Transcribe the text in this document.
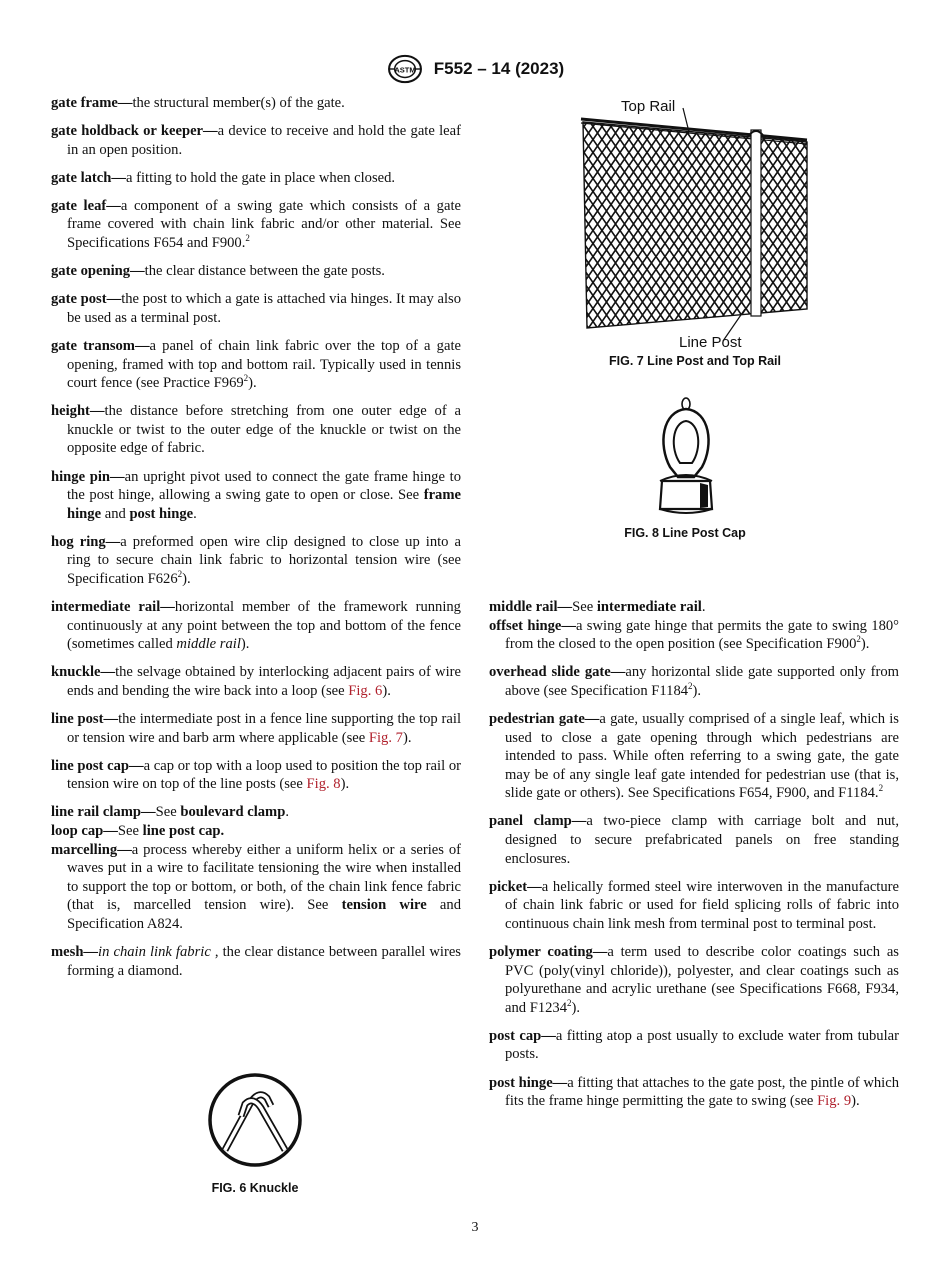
ASTM F552 – 14 (2023)

gate frame—the structural member(s) of the gate.

gate holdback or keeper—a device to receive and hold the gate leaf in an open position.

gate latch—a fitting to hold the gate in place when closed.

gate leaf—a component of a swing gate which consists of a gate frame covered with chain link fabric and/or other material. See Specifications F654 and F900.$^2$

gate opening—the clear distance between the gate posts.

gate post—the post to which a gate is attached via hinges. It may also be used as a terminal post.

gate transom—a panel of chain link fabric over the top of a gate opening, framed with top and bottom rail. Typically used in tennis court fence (see Practice $F969^2$).

height—the distance before stretching from one outer edge of a knuckle or twist to the outer edge of the knuckle or twist on the opposite edge of fabric.

hinge pin—an upright pivot used to connect the gate frame hinge to the post hinge, allowing a swing gate to open or close. See frame hinge and post hinge.

hog ring—a preformed open wire clip designed to close up into a ring to secure chain link fabric to horizontal tension wire (see Specification $F626^2$).

intermediate rail—horizontal member of the framework running continuously at any point between the top and bottom of the fence (sometimes called middle rail).

knuckle—the selvage obtained by interlocking adjacent pairs of wire ends and bending the wire back into a loop (see Fig. 6).

line post—the intermediate post in a fence line supporting the top rail or tension wire and barb arm where applicable (see Fig. 7).

line post cap—a cap or top with a loop used to position the top rail or tension wire on top of the line posts (see Fig. 8).

line rail clamp—See boulevard clamp.

loop cap—See line post cap.

marcelling—a process whereby either a uniform helix or a series of waves put in a wire to facilitate tensioning the wire when installed to support the top or bottom, or both, of the chain link fence fabric (that is, marcelled tension wire). See tension wire and Specification A824.

mesh—in chain link fabric , the clear distance between parallel wires forming a diamond.

Top Rail
Line Post
FIG. 7 Line Post and Top Rail
FIG. 8 Line Post Cap
FIG. 6 Knuckle

middle rail—See intermediate rail.

offset hinge—a swing gate hinge that permits the gate to swing 180° from the closed to the open position (see Specification $F900^2$).

overhead slide gate—any horizontal slide gate supported only from above (see Specification F1184$^2$).

pedestrian gate—a gate, usually comprised of a single leaf, which is used to close a gate opening through which pedestrians are intended to pass. While often referring to a swing gate, the gate may be of any single leaf gate intended for pedestrian use (that is, slide gate or others). See Specifications F654, F900, and F1184.$^2$

panel clamp—a two-piece clamp with carriage bolt and nut, designed to secure prefabricated panels on free standing enclosures.

picket—a helically formed steel wire interwoven in the manufacture of chain link fabric or used for field splicing rolls of fabric into continuous chain link mesh from terminal post to terminal post.

polymer coating—a term used to describe color coatings such as PVC (poly(vinyl chloride)), polyester, and clear coatings such as polyurethane and acrylic urethane (see Specifications F668, F934, and F1234$^2$).

post cap—a fitting atop a post usually to exclude water from tubular posts.

post hinge—a fitting that attaches to the gate post, the pintle of which fits the frame hinge permitting the gate to swing (see Fig. 9).

3
